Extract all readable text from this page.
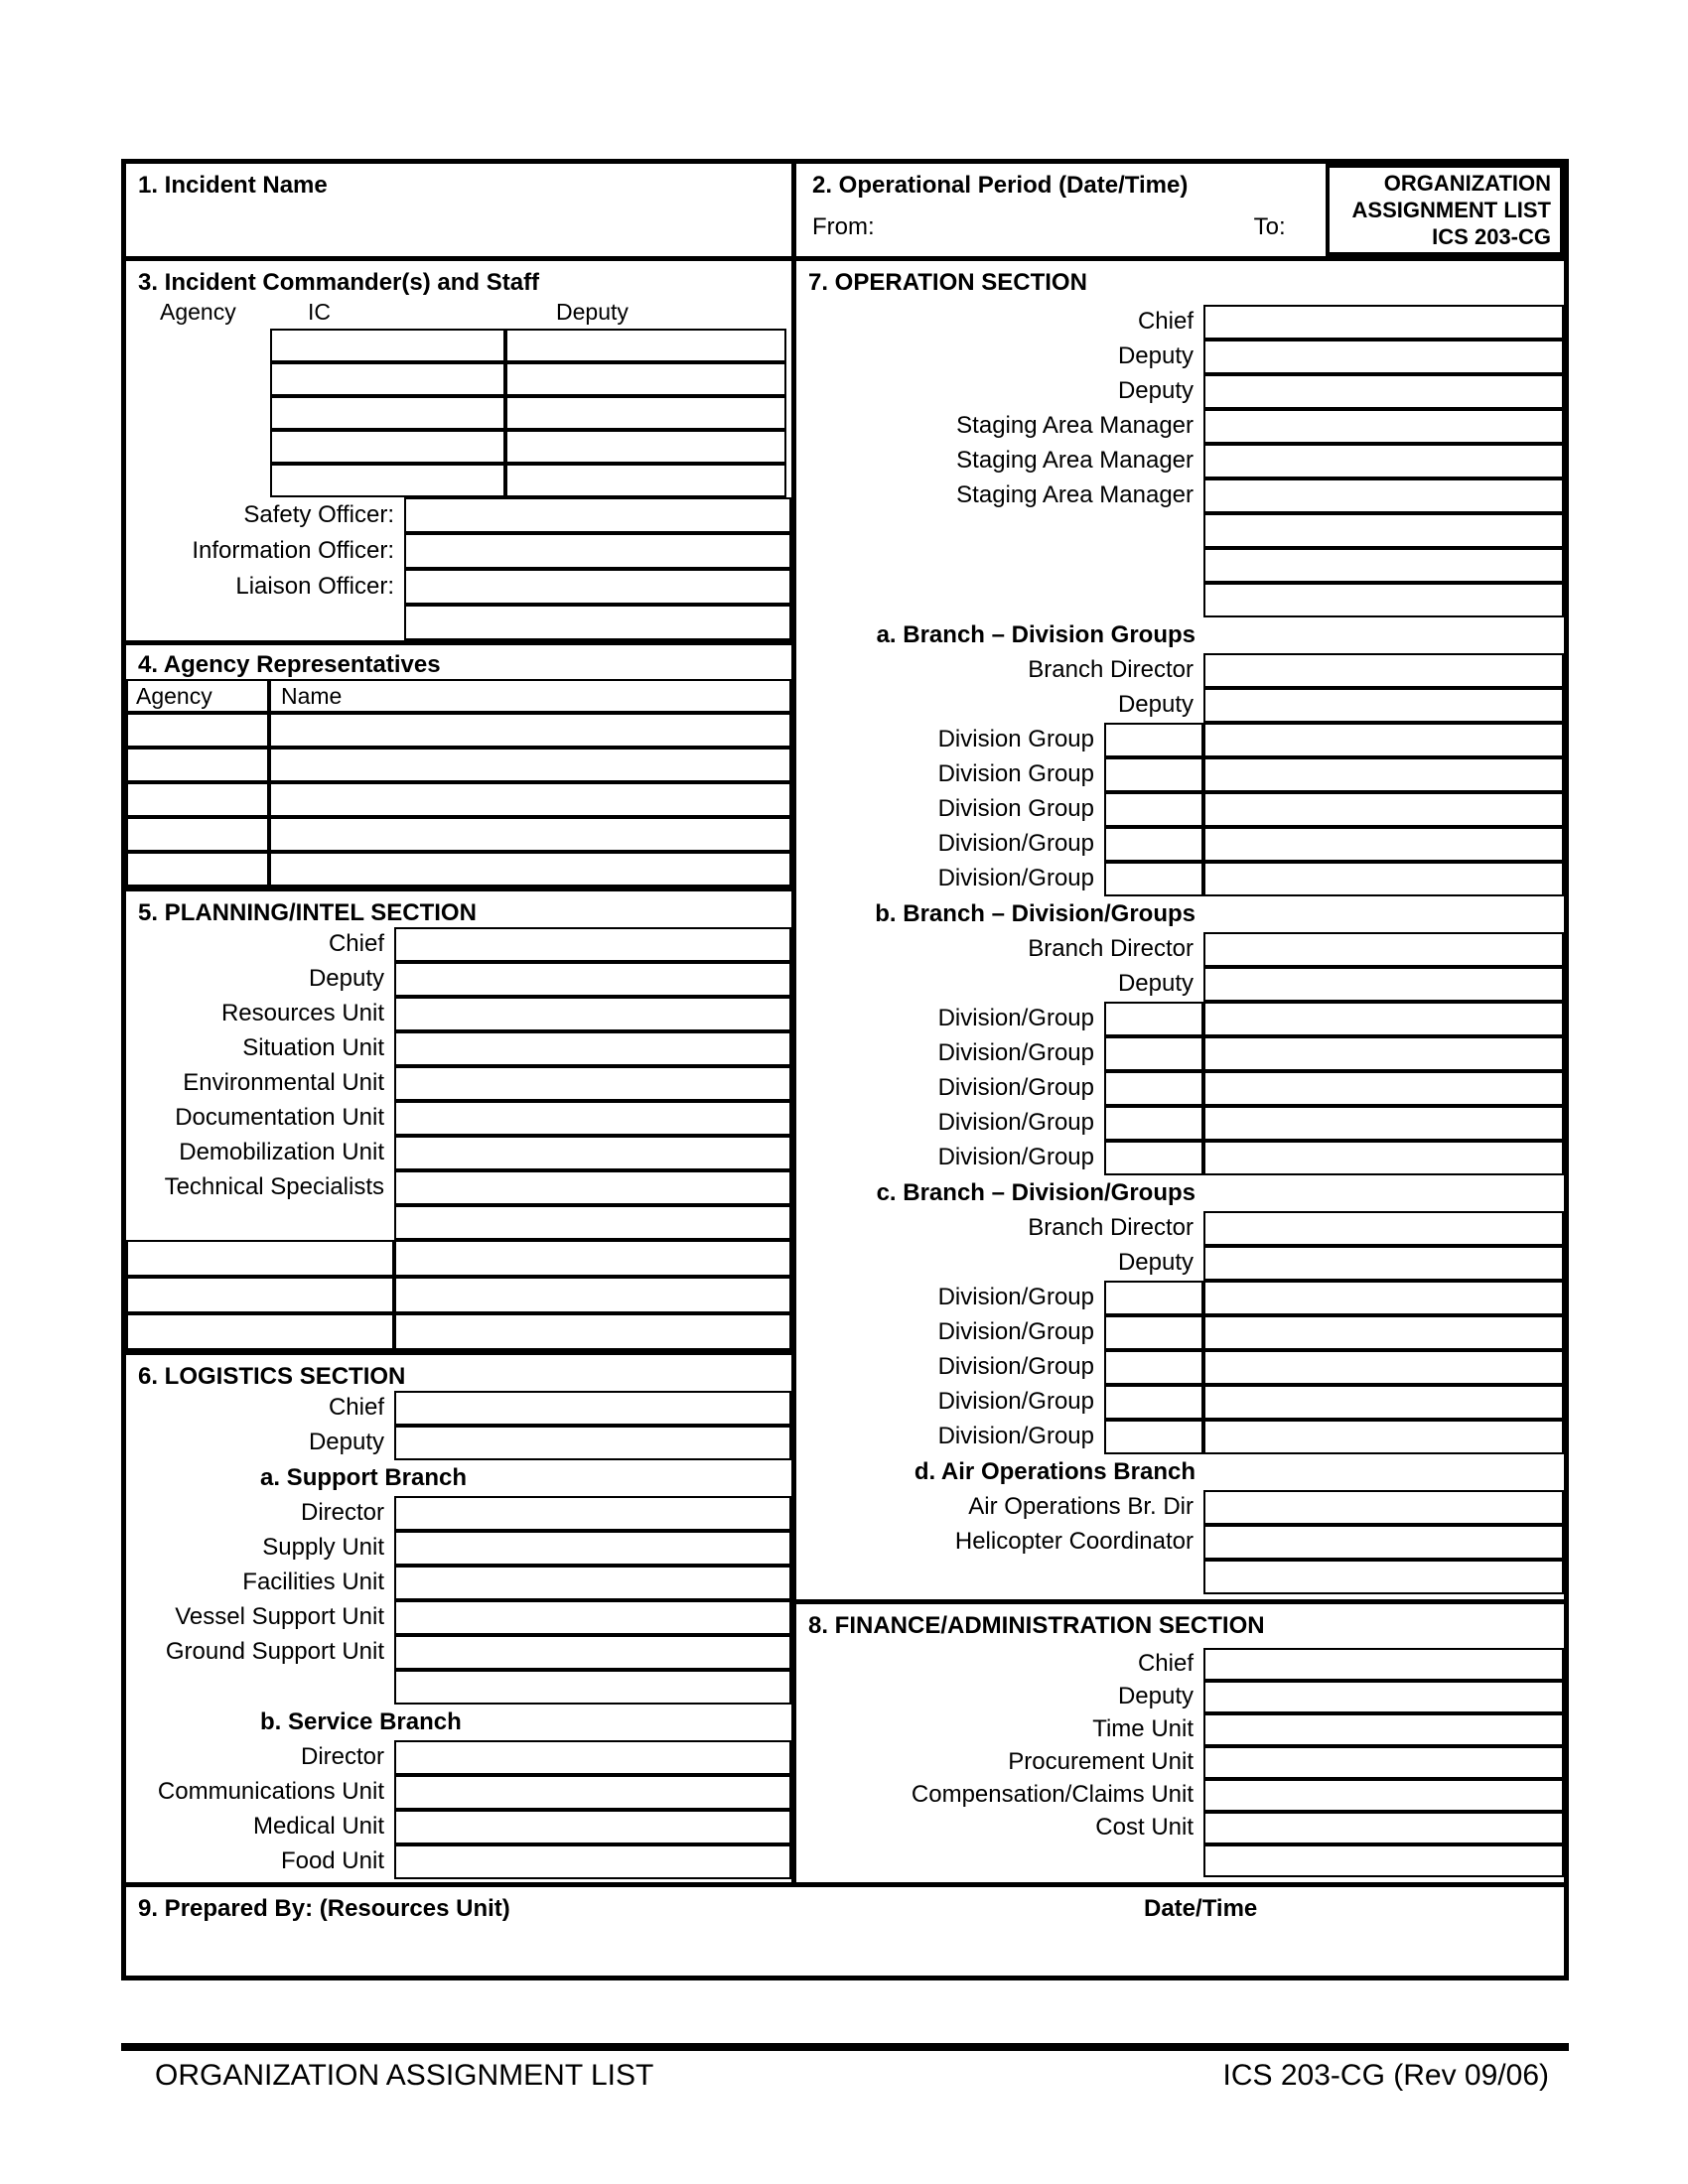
1. Incident Name
3. Incident Commander(s) and Staff
Agency	IC	Deputy
Safety Officer:
Information Officer:
Liaison Officer:
4. Agency Representatives
Agency	Name
5. PLANNING/INTEL SECTION
Chief
Deputy
Resources Unit
Situation Unit
Environmental Unit
Documentation Unit
Demobilization Unit
Technical Specialists
6. LOGISTICS SECTION
Chief
Deputy
a. Support Branch
Director
Supply Unit
Facilities Unit
Vessel Support Unit
Ground Support Unit
b. Service Branch
Director
Communications Unit
Medical Unit
Food Unit
2. Operational Period (Date/Time)
From:	To:
ORGANIZATION
ASSIGNMENT LIST
ICS 203-CG
7. OPERATION SECTION
Chief
Deputy
Deputy
Staging Area Manager
Staging Area Manager
Staging Area Manager
a. Branch – Division Groups
Branch Director
Deputy
Division Group
Division Group
Division Group
Division/Group
Division/Group
b. Branch – Division/Groups
Branch Director
Deputy
Division/Group
Division/Group
Division/Group
Division/Group
Division/Group
c. Branch – Division/Groups
Branch Director
Deputy
Division/Group
Division/Group
Division/Group
Division/Group
Division/Group
d. Air Operations Branch
Air Operations Br. Dir
Helicopter Coordinator
8. FINANCE/ADMINISTRATION SECTION
Chief
Deputy
Time Unit
Procurement Unit
Compensation/Claims Unit
Cost Unit
9. Prepared By: (Resources Unit)	Date/Time
ORGANIZATION ASSIGNMENT LIST	ICS 203-CG (Rev 09/06)
